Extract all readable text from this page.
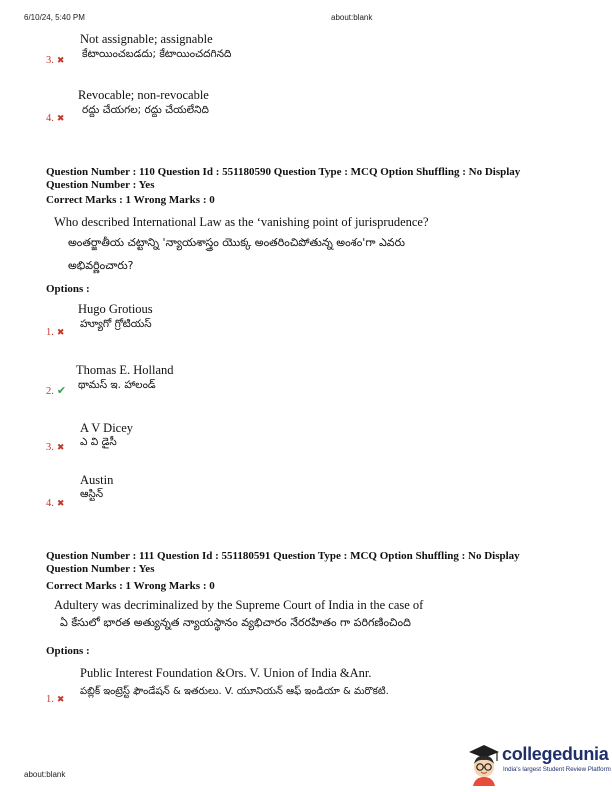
6/10/24, 5:40 PM	about:blank
Not assignable; assignable
కేటాయించబడదు; కేటాయించదగినది
3. ✖
Revocable; non-revocable
రద్దు చేయగల; రద్దు చేయలేనిది
4. ✖
Question Number : 110 Question Id : 551180590 Question Type : MCQ Option Shuffling : No Display
Question Number : Yes
Correct Marks : 1 Wrong Marks : 0
Who described International Law as the ‘vanishing point of jurisprudence?
అంతర్జాతీయ చట్టాన్ని 'న్యాయశాస్త్రం యొక్క అంతరించిపోతున్న అంశం'గా ఎవరు
అభివర్ణించారు?
Options :
Hugo Grotious
హ్యూగో గ్రోటియస్
1. ✖
Thomas E. Holland
థామస్ ఇ. హాలండ్
2. ✔
A V Dicey
ఎ వి డైసీ
3. ✖
Austin
ఆస్టిన్
4. ✖
Question Number : 111 Question Id : 551180591 Question Type : MCQ Option Shuffling : No Display
Question Number : Yes
Correct Marks : 1 Wrong Marks : 0
Adultery was decriminalized by the Supreme Court of India in the case of
ఏ కేసులో భారత అత్యున్నత న్యాయస్థానం వ్యభిచారం నేరరహితం గా పరిగణించింది
Options :
Public Interest Foundation &Ors. V. Union of India &Anr.
పబ్లిక్ ఇంట్రెస్ట్ ఫౌండేషన్ & ఇతరులు. V. యూనియన్ ఆఫ్ ఇండియా & మరొకటి.
1. ✖
about:blank
collegedunia
India's largest Student Review Platform
